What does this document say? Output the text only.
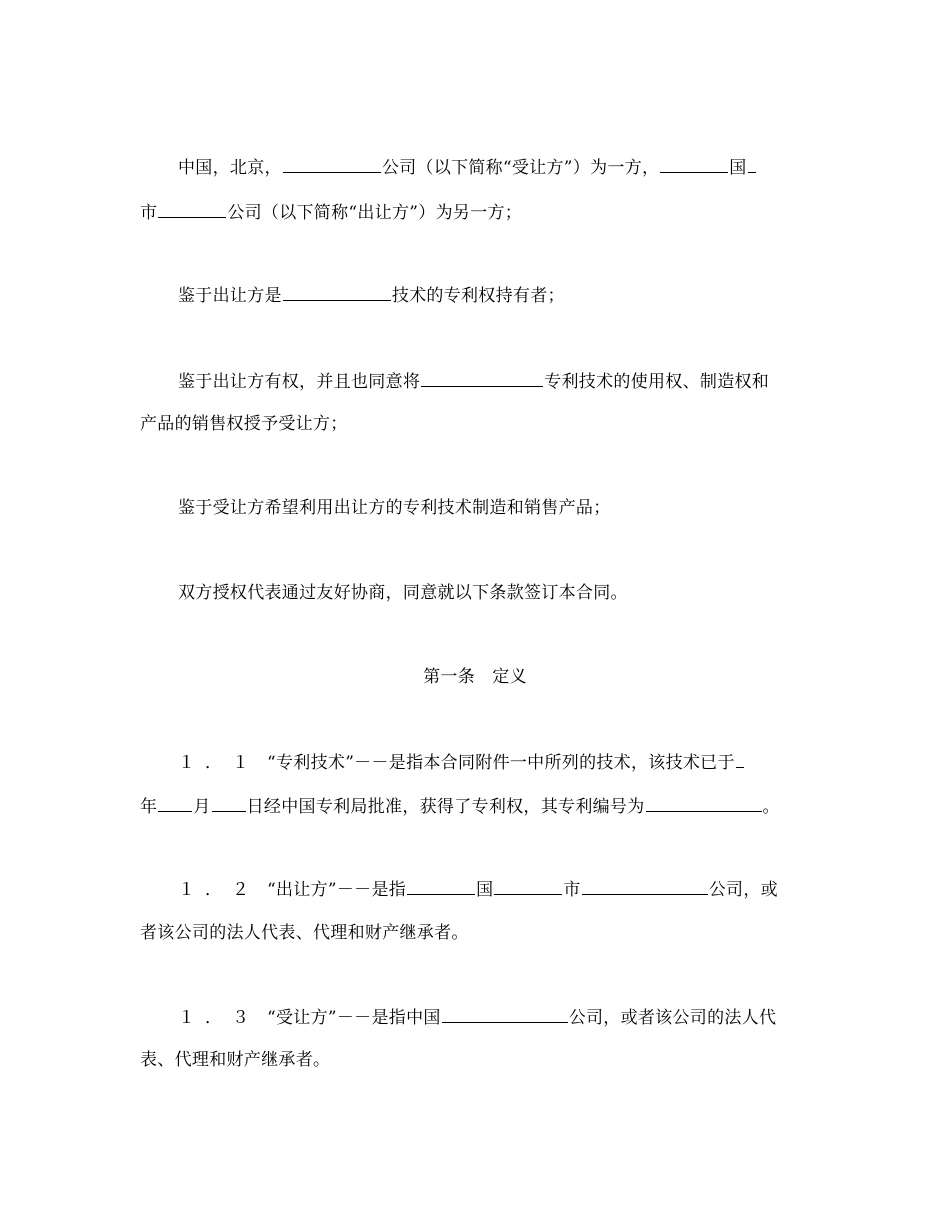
中国，北京，	公司（以下简称“受让方”）为一方，	国
市	公司（以下简称“出让方”）为另一方；
鉴于出让方是	技术的专利权持有者；
鉴于出让方有权，并且也同意将	专利技术的使用权、制造权和
产品的销售权授予受让方；
鉴于受让方希望利用出让方的专利技术制造和销售产品；
双方授权代表通过友好协商，同意就以下条款签订本合同。
第一条　定义
１．１ “专利技术”－－是指本合同附件一中所列的技术，该技术已于
年 月 日经中国专利局批准，获得了专利权，其专利编号为	。
１．２ “出让方”－－是指	国	市	公司，或
者该公司的法人代表、代理和财产继承者。
１．３ “受让方”－－是指中国	公司，或者该公司的法人代
表、代理和财产继承者。
